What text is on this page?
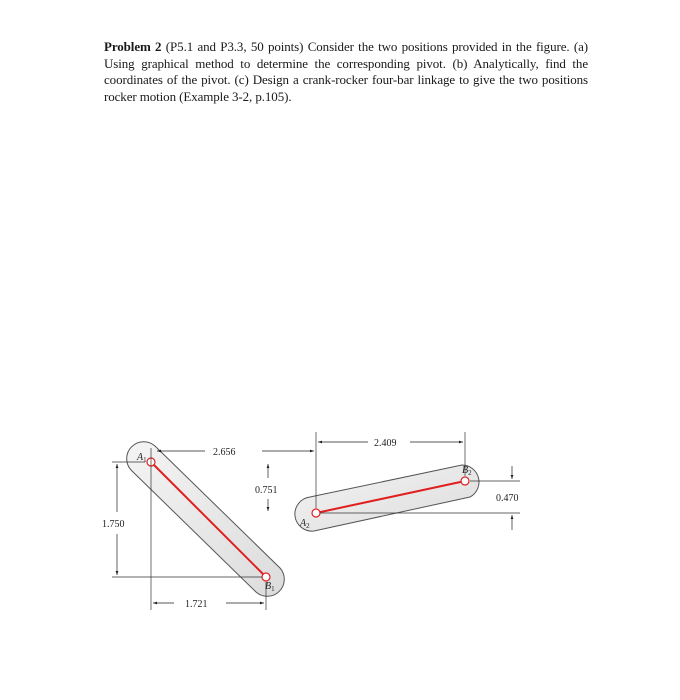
Problem 2 (P5.1 and P3.3, 50 points) Consider the two positions provided in the figure. (a) Using graphical method to determine the corresponding pivot. (b) Analytically, find the coordinates of the pivot. (c) Design a crank-rocker four-bar linkage to give the two positions rocker motion (Example 3-2, p.105).

2.656
0.751
1.750
1.721
2.409
0.470
$A_1$
$B_1$
$A_2$
$B_2$
